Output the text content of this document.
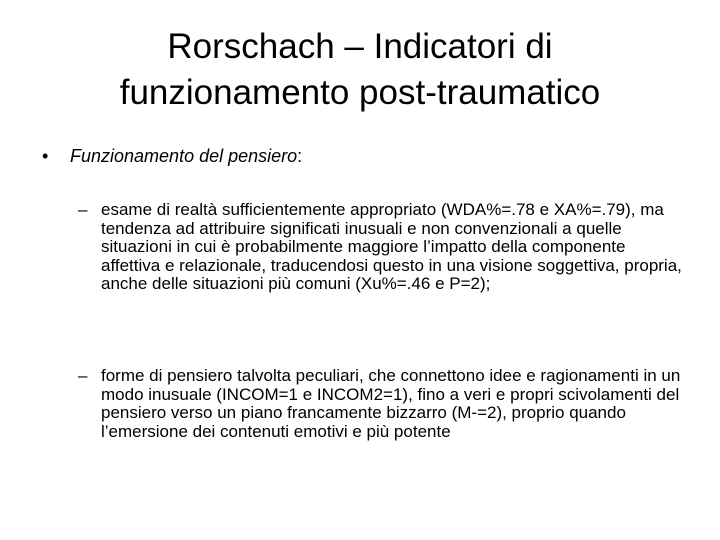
Rorschach – Indicatori di
funzionamento post-traumatico
• Funzionamento del pensiero:
– esame di realtà sufficientemente appropriato (WDA%=.78 e XA%=.79), ma tendenza ad attribuire significati inusuali e non convenzionali a quelle situazioni in cui è probabilmente maggiore l’impatto della componente affettiva e relazionale, traducendosi questo in una visione soggettiva, propria, anche delle situazioni più comuni (Xu%=.46 e P=2);
– forme di pensiero talvolta peculiari, che connettono idee e ragionamenti in un modo inusuale (INCOM=1 e INCOM2=1), fino a veri e propri scivolamenti del pensiero verso un piano francamente bizzarro (M-=2), proprio quando l’emersione dei contenuti emotivi e più potente
